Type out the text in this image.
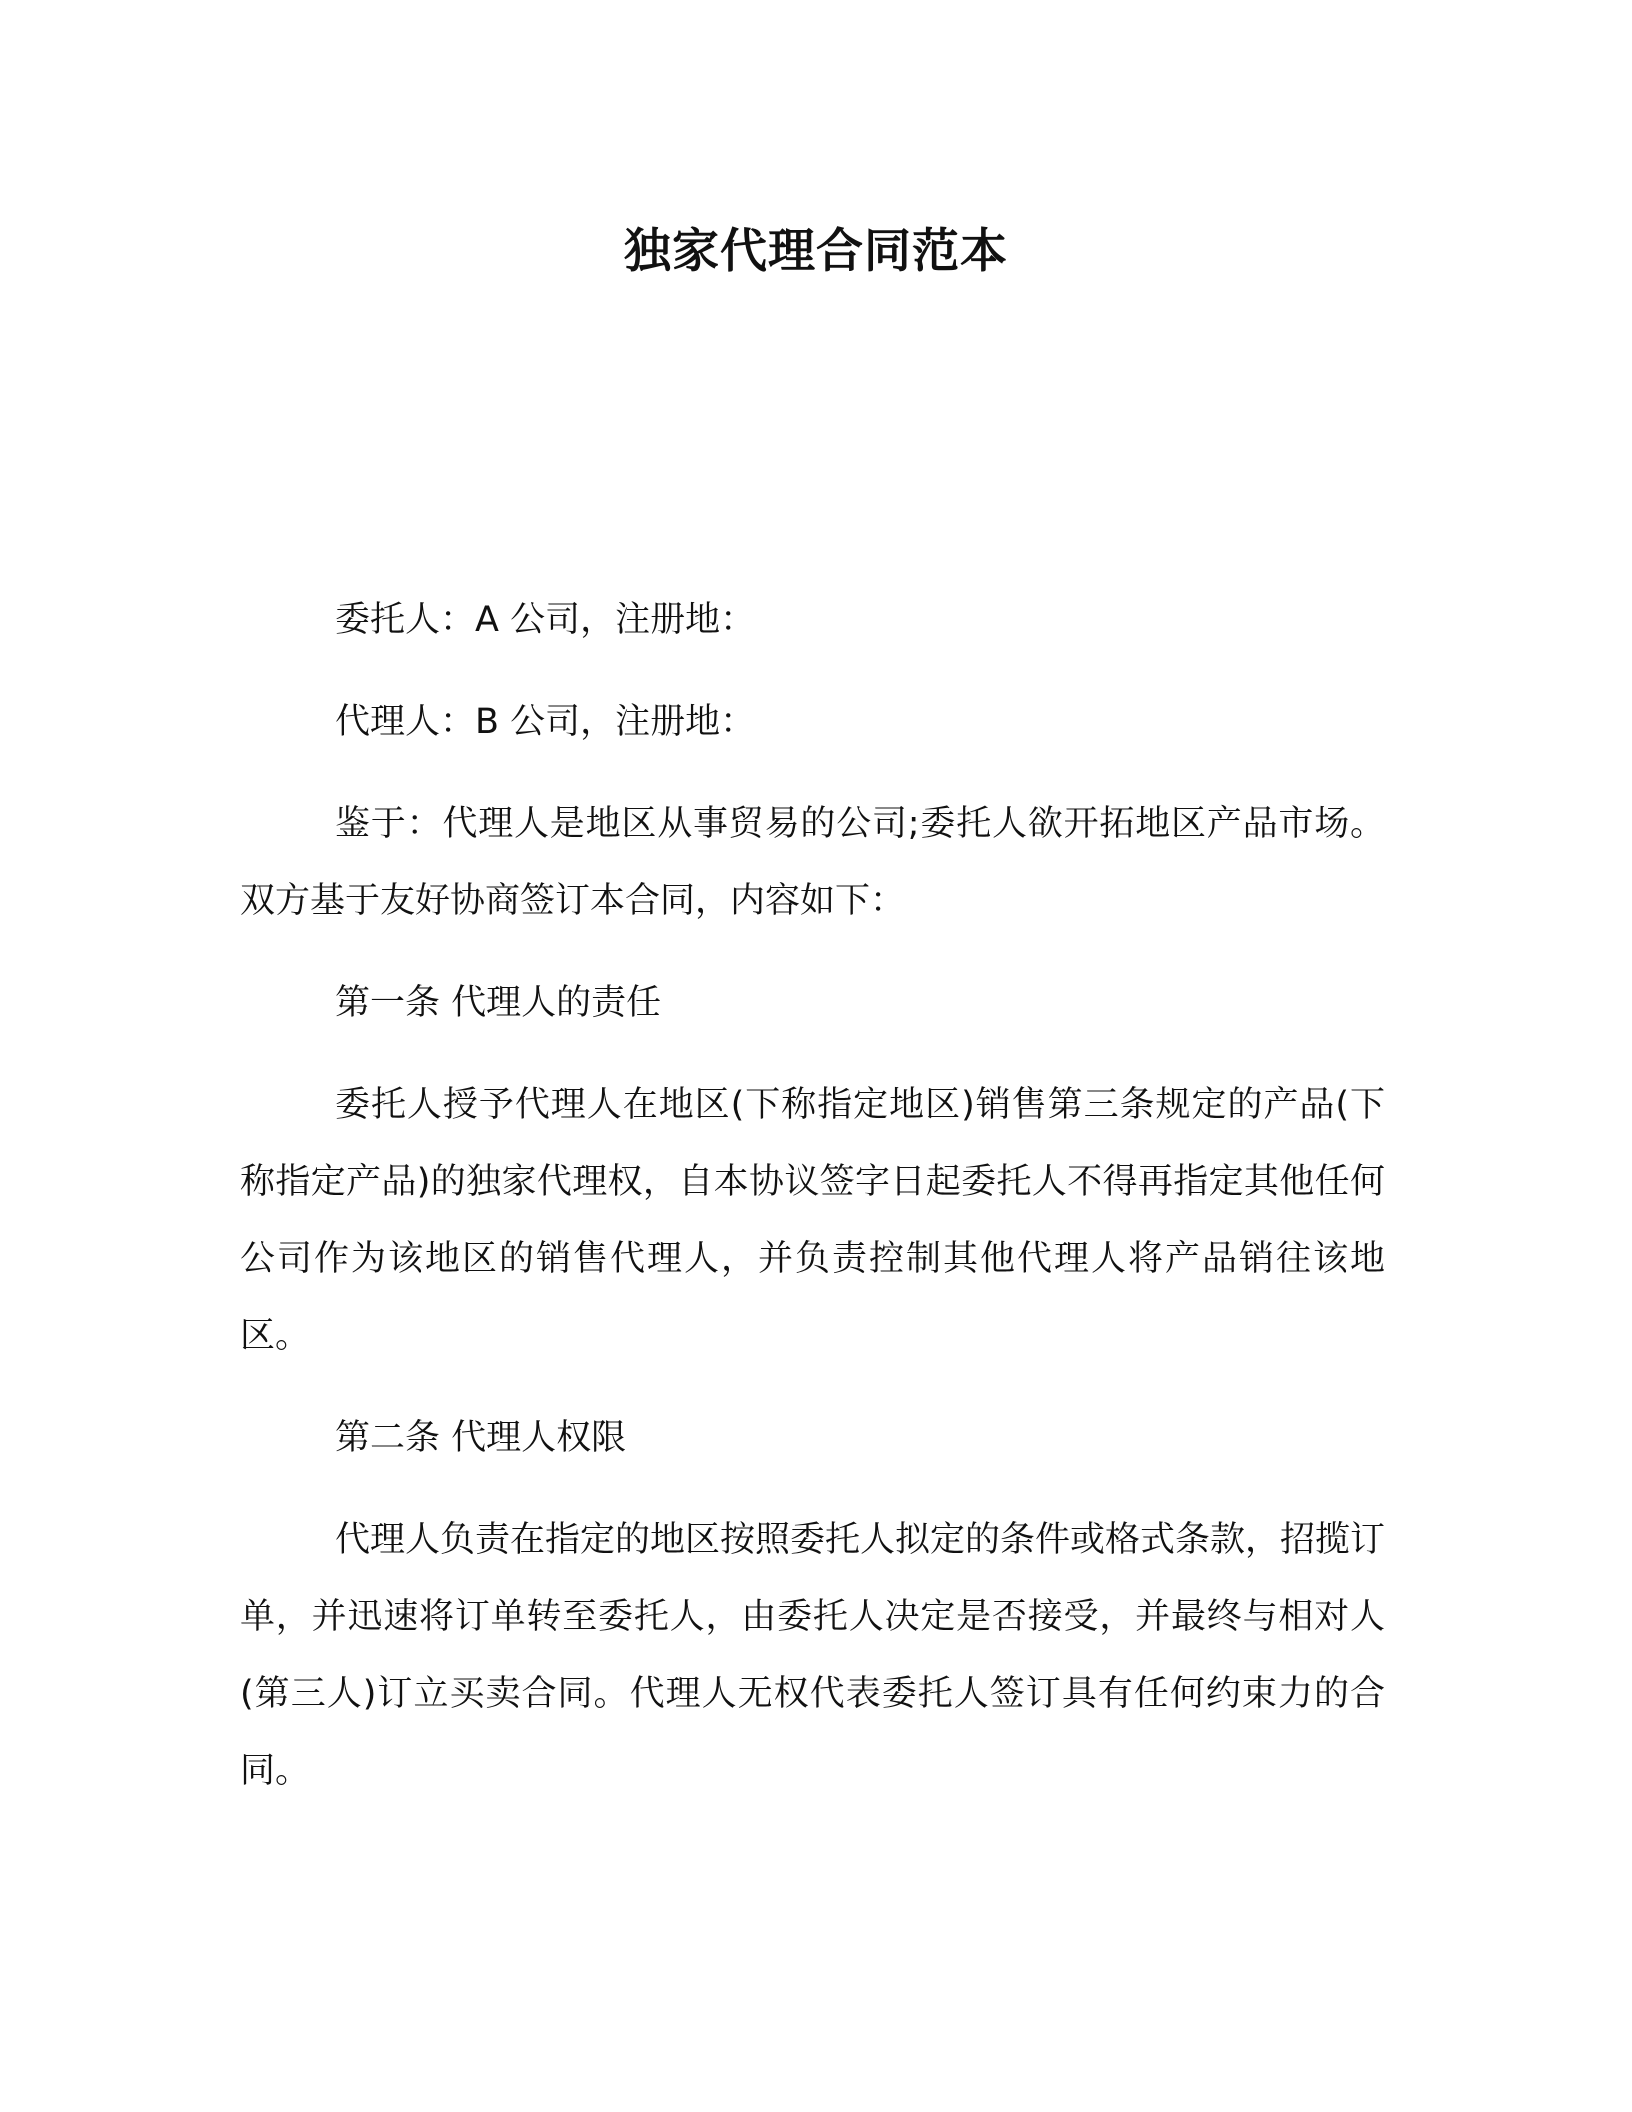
独家代理合同范本

委托人：A 公司，注册地：

代理人：B 公司，注册地：

鉴于：代理人是地区从事贸易的公司;委托人欲开拓地区产品市场。 双方基于友好协商签订本合同，内容如下：

第一条 代理人的责任

委托人授予代理人在地区(下称指定地区)销售第三条规定的产品(下称指定产品)的独家代理权，自本协议签字日起委托人不得再指定其他任何公司作为该地区的销售代理人，并负责控制其他代理人将产品销往该地区。

第二条 代理人权限

代理人负责在指定的地区按照委托人拟定的条件或格式条款，招揽订单，并迅速将订单转至委托人，由委托人决定是否接受，并最终与相对人(第三人)订立买卖合同。代理人无权代表委托人签订具有任何约束力的合同。
